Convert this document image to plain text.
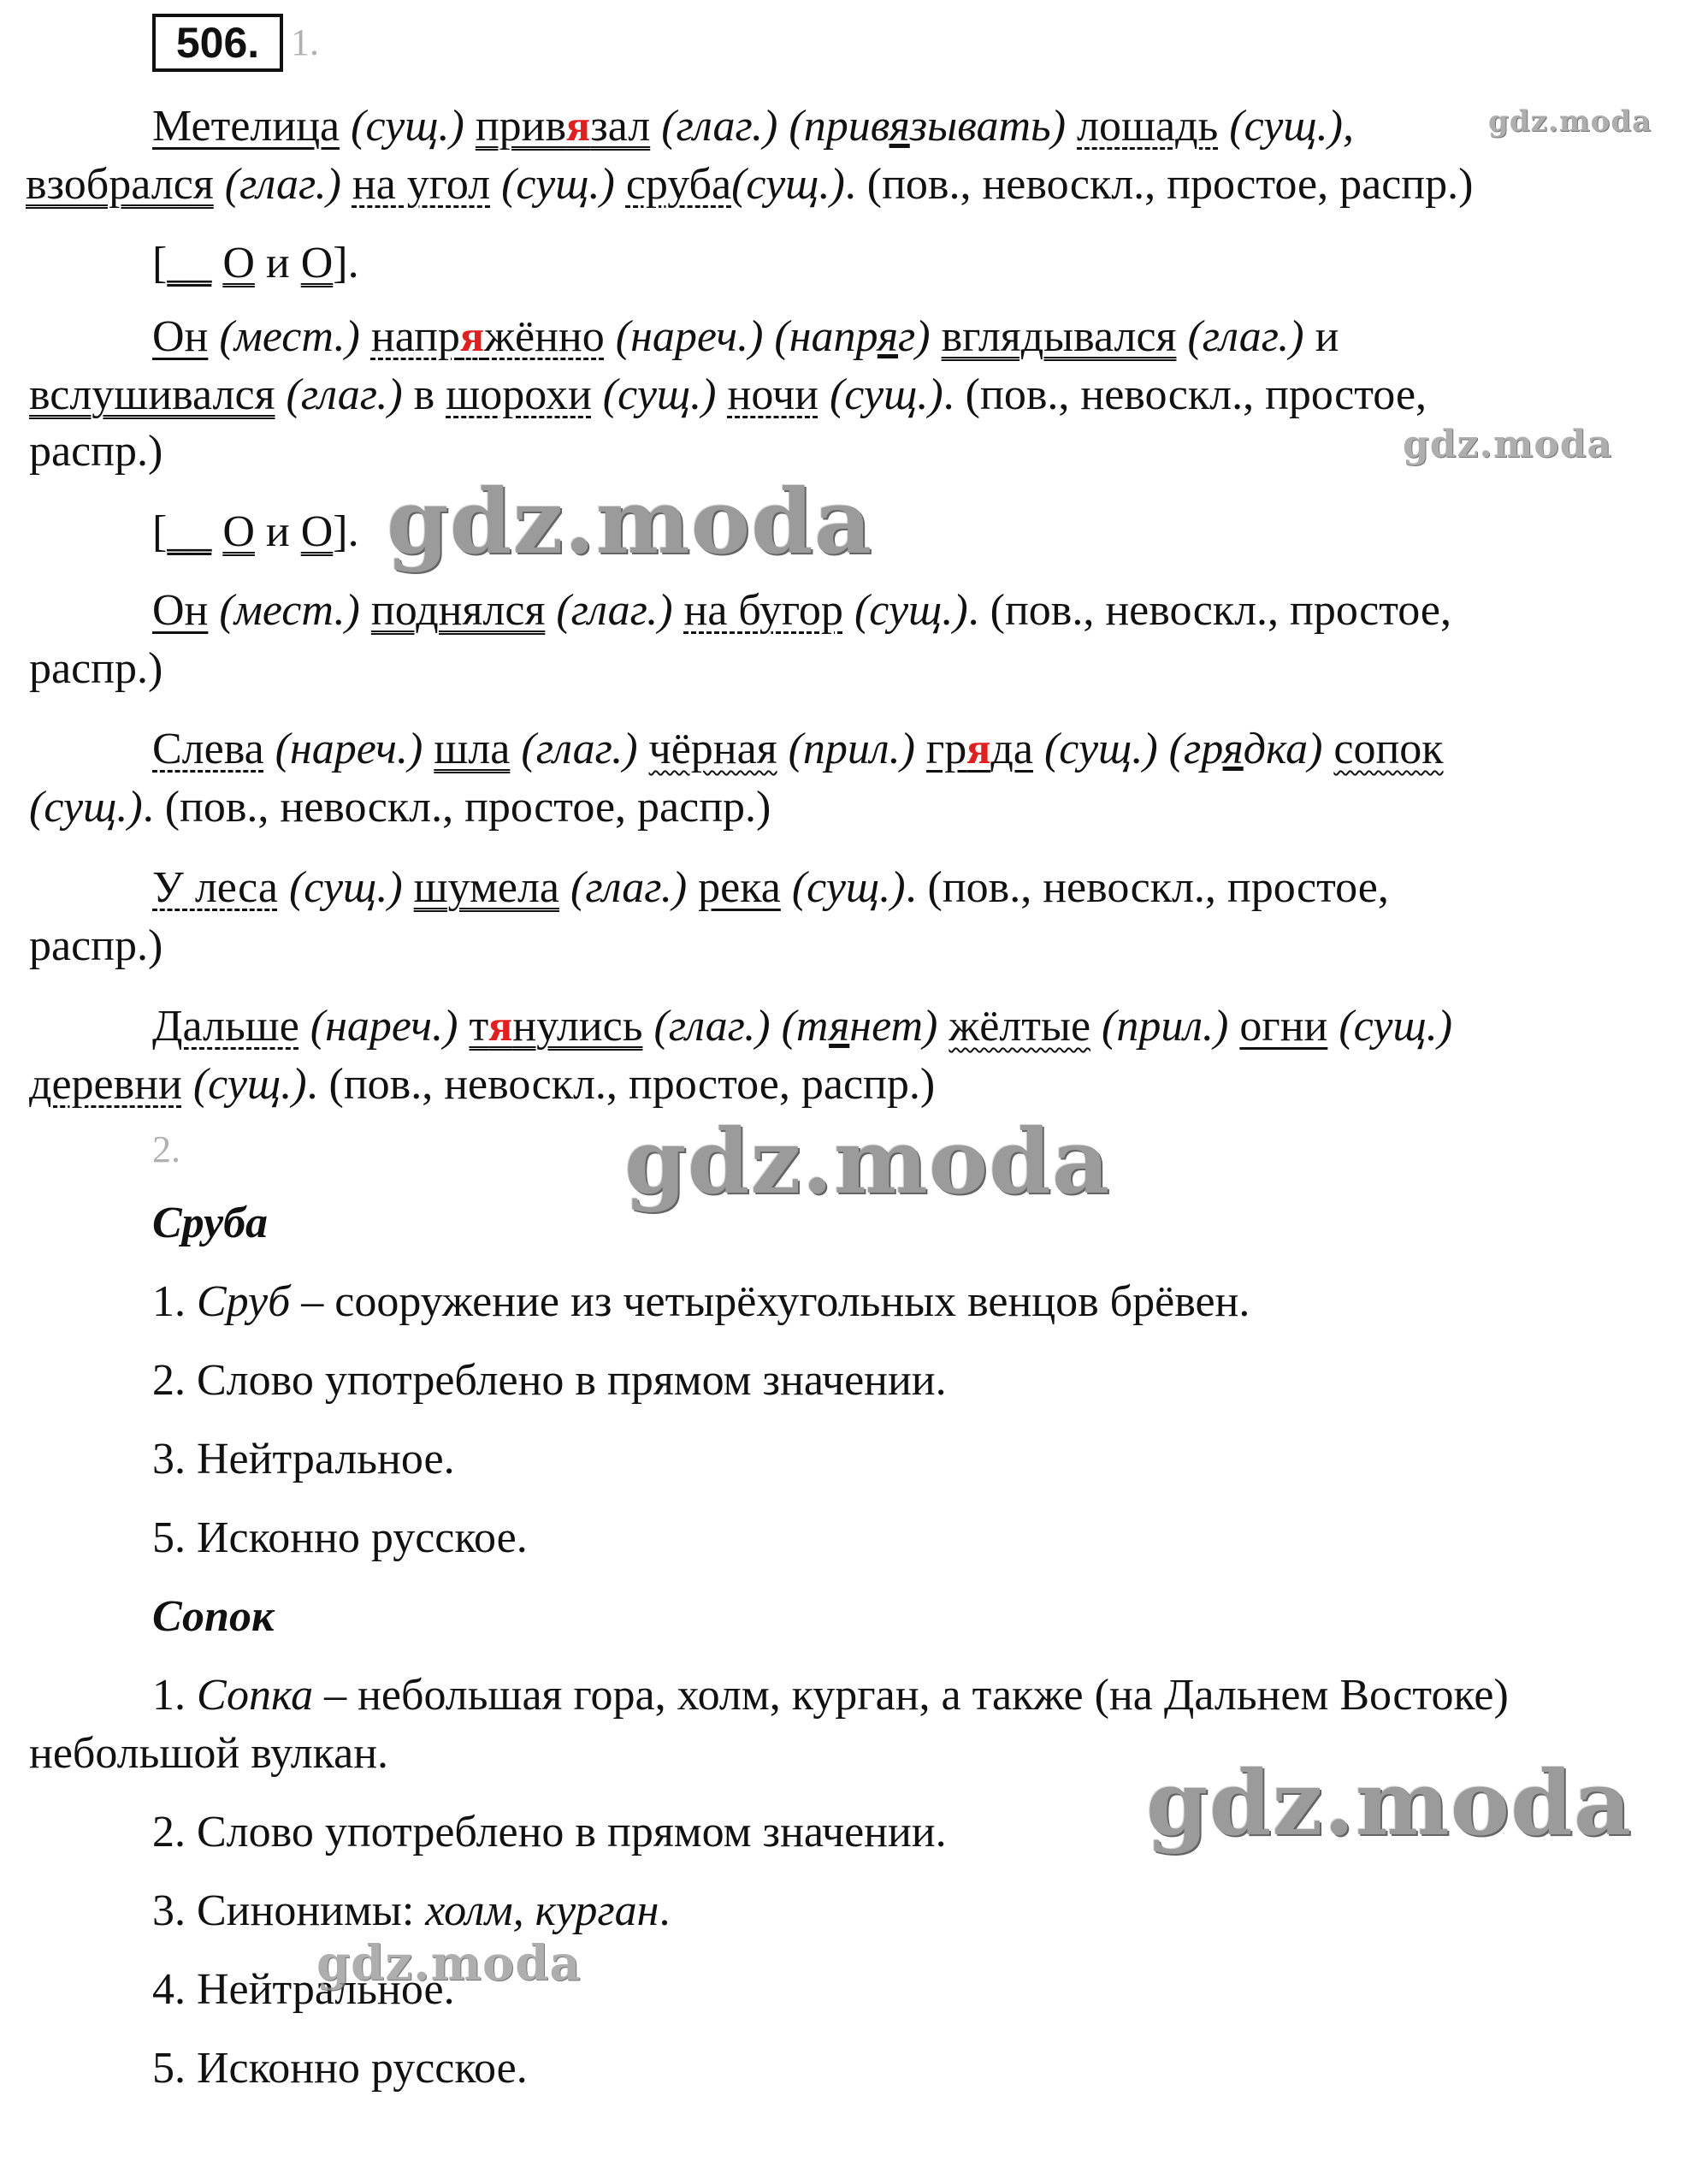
506. 1.
Метелица (сущ.) привязал (глаг.) (привязывать) лошадь (сущ.),
взобрался (глаг.) на угол (сущ.) сруба(сущ.). (пов., невоскл., простое, распр.)
[__ О и О].
Он (мест.) напряжённо (нареч.) (напряг) вглядывался (глаг.) и
вслушивался (глаг.) в шорохи (сущ.) ночи (сущ.). (пов., невоскл., простое,
распр.)
[__ О и О].
Он (мест.) поднялся (глаг.) на бугор (сущ.). (пов., невоскл., простое,
распр.)
Слева (нареч.) шла (глаг.) чёрная (прил.) гряда (сущ.) (грядка) сопок
(сущ.). (пов., невоскл., простое, распр.)
У леса (сущ.) шумела (глаг.) река (сущ.). (пов., невоскл., простое,
распр.)
Дальше (нареч.) тянулись (глаг.) (тянет) жёлтые (прил.) огни (сущ.)
деревни (сущ.). (пов., невоскл., простое, распр.)
2.
Сруба
1. Сруб – сооружение из четырёхугольных венцов брёвен.
2. Слово употреблено в прямом значении.
3. Нейтральное.
5. Исконно русское.
Сопок
1. Сопка – небольшая гора, холм, курган, а также (на Дальнем Востоке)
небольшой вулкан.
2. Слово употреблено в прямом значении.
3. Синонимы: холм, курган.
4. Нейтральное.
5. Исконно русское.
gdz.moda
gdz.moda
gdz.moda
gdz.moda
gdz.moda
gdz.moda
